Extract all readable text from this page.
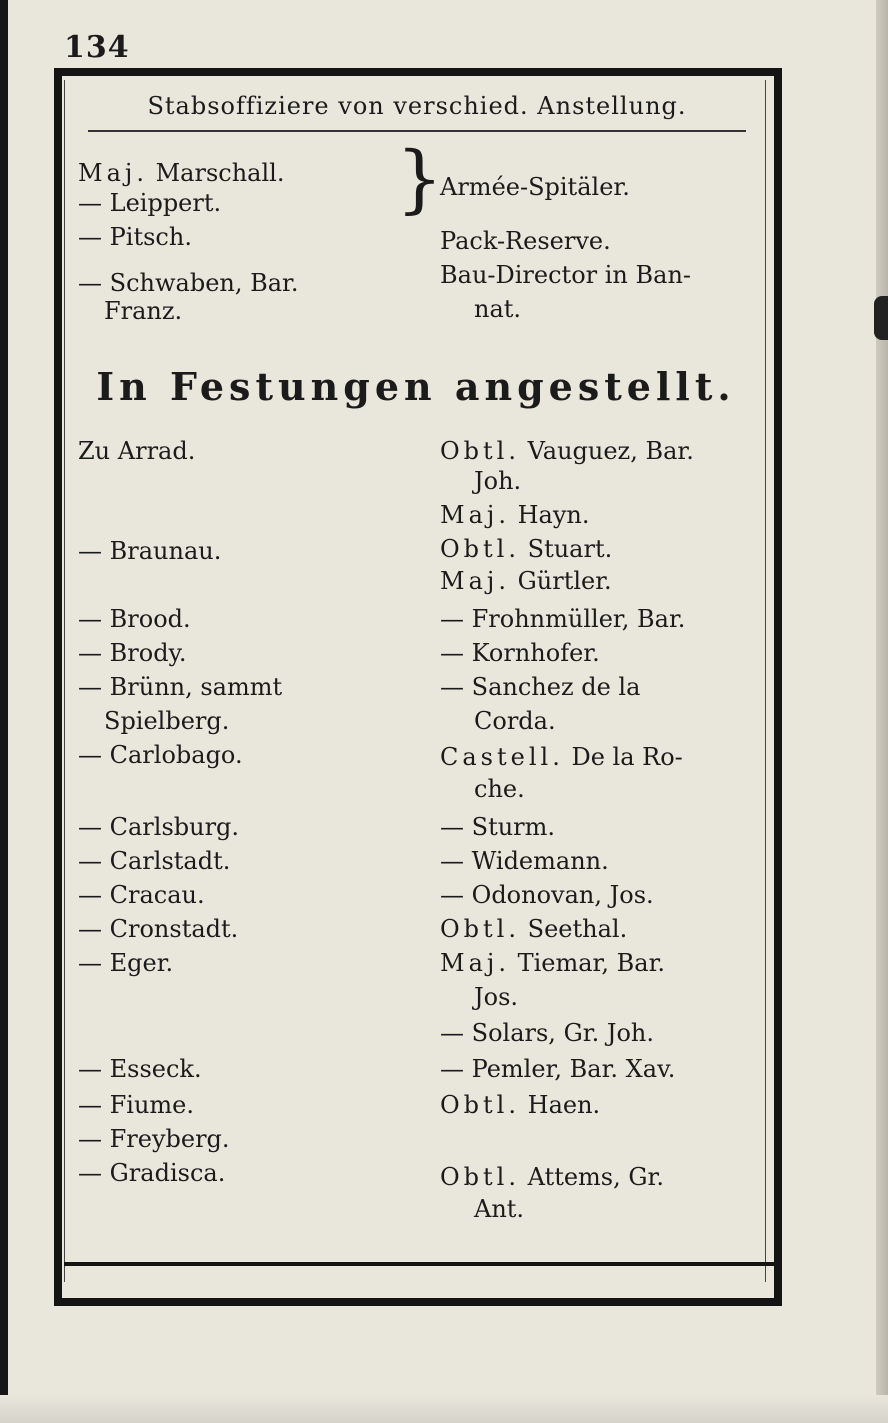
134
Stabsoffiziere von verschied. Anstellung.
Maj. Marschall.
— Leippert.
— Pitsch.
— Schwaben, Bar.
Franz.
}
Armée-Spitäler.
Pack-Reserve.
Bau-Director in Ban-
nat.
In Festungen angestellt.
Zu Arrad.
— Braunau.
— Brood.
— Brody.
— Brünn, sammt
Spielberg.
— Carlobago.
— Carlsburg.
— Carlstadt.
— Cracau.
— Cronstadt.
— Eger.
— Esseck.
— Fiume.
— Freyberg.
— Gradisca.
Obtl. Vauguez, Bar.
Joh.
Maj. Hayn.
Obtl. Stuart.
Maj. Gürtler.
— Frohnmüller, Bar.
— Kornhofer.
— Sanchez de la
Corda.
Castell. De la Ro-
che.
— Sturm.
— Widemann.
— Odonovan, Jos.
Obtl. Seethal.
Maj. Tiemar, Bar.
Jos.
— Solars, Gr. Joh.
— Pemler, Bar. Xav.
Obtl. Haen.
Obtl. Attems, Gr.
Ant.
